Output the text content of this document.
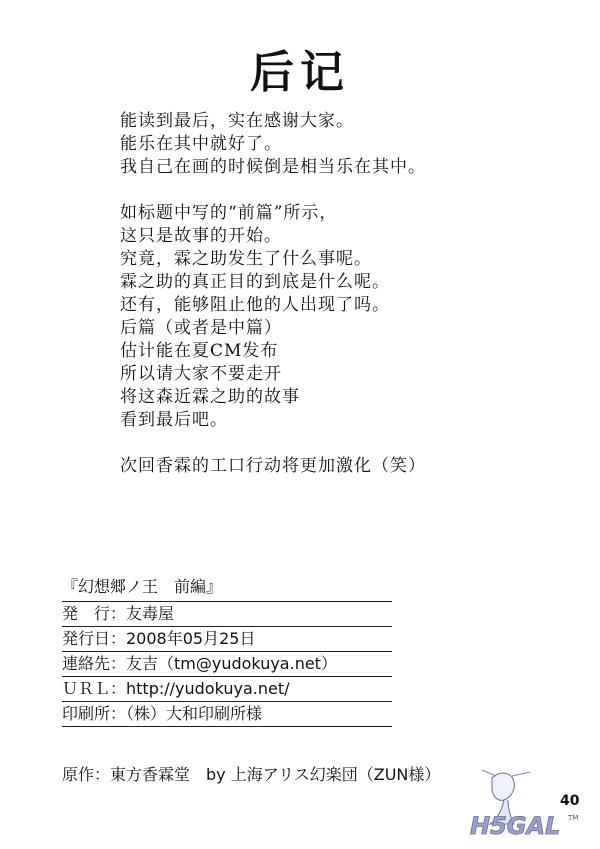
后记
能读到最后，实在感谢大家。
能乐在其中就好了。
我自己在画的时候倒是相当乐在其中。
如标题中写的“前篇”所示，
这只是故事的开始。
究竟，霖之助发生了什么事呢。
霖之助的真正目的到底是什么呢。
还有，能够阻止他的人出现了吗。
后篇（或者是中篇）
估计能在夏CM发布
所以请大家不要走开
将这森近霖之助的故事
看到最后吧。
次回香霖的工口行动将更加激化（笑）
『幻想郷ノ王　前編』
発　行：友毒屋
発行日：2008年05月25日
連絡先：友吉（tm@yudokuya.net）
ＵＲＬ：http://yudokuya.net/
印刷所：（株）大和印刷所様
原作：東方香霖堂　by 上海アリス幻楽団（ZUN様）
40
H5GAL TM
